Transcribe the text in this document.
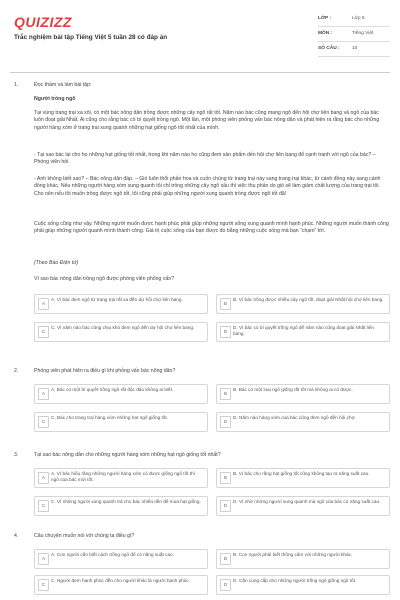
QUIZIZZ
Trắc nghiệm bài tập Tiếng Việt 5 tuần 28 có đáp án
LỚP :	Lớp 5
MÔN :	Tiếng Việt
SỐ CÂU :	10
1.	Đọc thầm và làm bài tập:
Người trồng ngô
Tại vùng trang trại xa xôi, có một bác nông dân trồng được những cây ngô rất tốt. Năm nào bác cũng mang ngô đến hội chợ liên bang và ngô của bác luôn đoạt giải Nhất. Ai cũng cho rằng bác có bí quyết trồng ngô. Một lần, một phóng viên phỏng vấn bác nông dân và phát hiện ra rằng bác cho những người hàng xóm ở trang trại xung quanh những hạt giống ngô tốt nhất của mình.
- Tại sao bác lại cho họ những hạt giống tốt nhất, trong khi năm nào họ cũng đem sản phẩm dến hội chợ liên bang để cạnh tranh với ngô của bác? – Phóng viên hỏi.
- Anh không biết sao? – Bác nông dân đáp. – Gió luôn thổi phấn hoa và cuốn chúng từ trang trại này sang trang trại khác, từ cánh đồng này sang cánh đồng khác. Nếu những người hàng xóm xung quanh tôi chỉ trồng những cây ngô xấu thì việc thụ phấn do gió sẽ làm giảm chất lượng của trang trại tôi. Cho nên nếu tôi muốn trồng được ngô tốt, tôi cũng phải giúp những người xung quanh trồng được ngô tốt đã!
Cuộc sống cũng như vậy. Những người muốn được hạnh phúc phải giúp những người sống xung quanh mình hạnh phúc. Những người muốn thành công phải giúp những người quanh mình thành công. Giá trị cuộc sống của bạn được đo bằng những cuộc sống mà bạn “chạm” tới.
(Theo Báo Điện tử)
Vì sao bác nông dân trồng ngô được phóng viên phỏng vấn?
A
A. Vì bác đem ngô từ trang trại rất xa đến dự hội chợ liên bang.
B
B. Vì bác trồng được nhiều cây ngô tốt, đoạt giải Nhất hội chợ liên bang.
C
C. Vì năm nào bác cũng chịu khó đem ngô đến dự hội chợ liên bang.
D
D. Vì bác có bí quyết trồng ngô để năm nào cũng đoạt giải Nhất liên bang.
2.	Phóng viên phát hiện ra điều gì khi phỏng vấn bác nông dân?
A
A. Bác có một bí quyết trồng ngô rất độc đáo không ai biết.
B
B. Bác có một loại ngô giống rất tốt mà không ai có được.
C
C. Bác cho trang trại hàng xóm những hạt ngô giống tốt.
D
D. Năm nào hàng xóm của bác cũng đem ngô đến hội chợ.
3.	Tại sao bác nông dân cho những người hàng xóm những hạt ngô giống tốt nhất?
A
A. Vì bác hiểu rằng những người hàng xóm có được giống ngô tốt thì ngô của bác mới tốt.	B
B. Vì bác cho rằng hạt giống tốt cũng không tạo ra năng suất cao.
C
C. Vì những người xung quanh trả cho bác nhiều tiền để mua hạt giống.
D
D. Vì nhờ những người xung quanh mà ngô của bác có năng suất cao.
4.	Câu chuyện muốn nói với chúng ta điều gì?
A
A. Con người cần biết cách trồng ngô để có năng suất cao.
B
B. Con người phải biết thông cảm với những người khác.
C
C. Người đem hạnh phúc đến cho người khác là người hạnh phúc.
D
D. Cần cung cấp cho những người trồng ngô giống ngô tốt.
